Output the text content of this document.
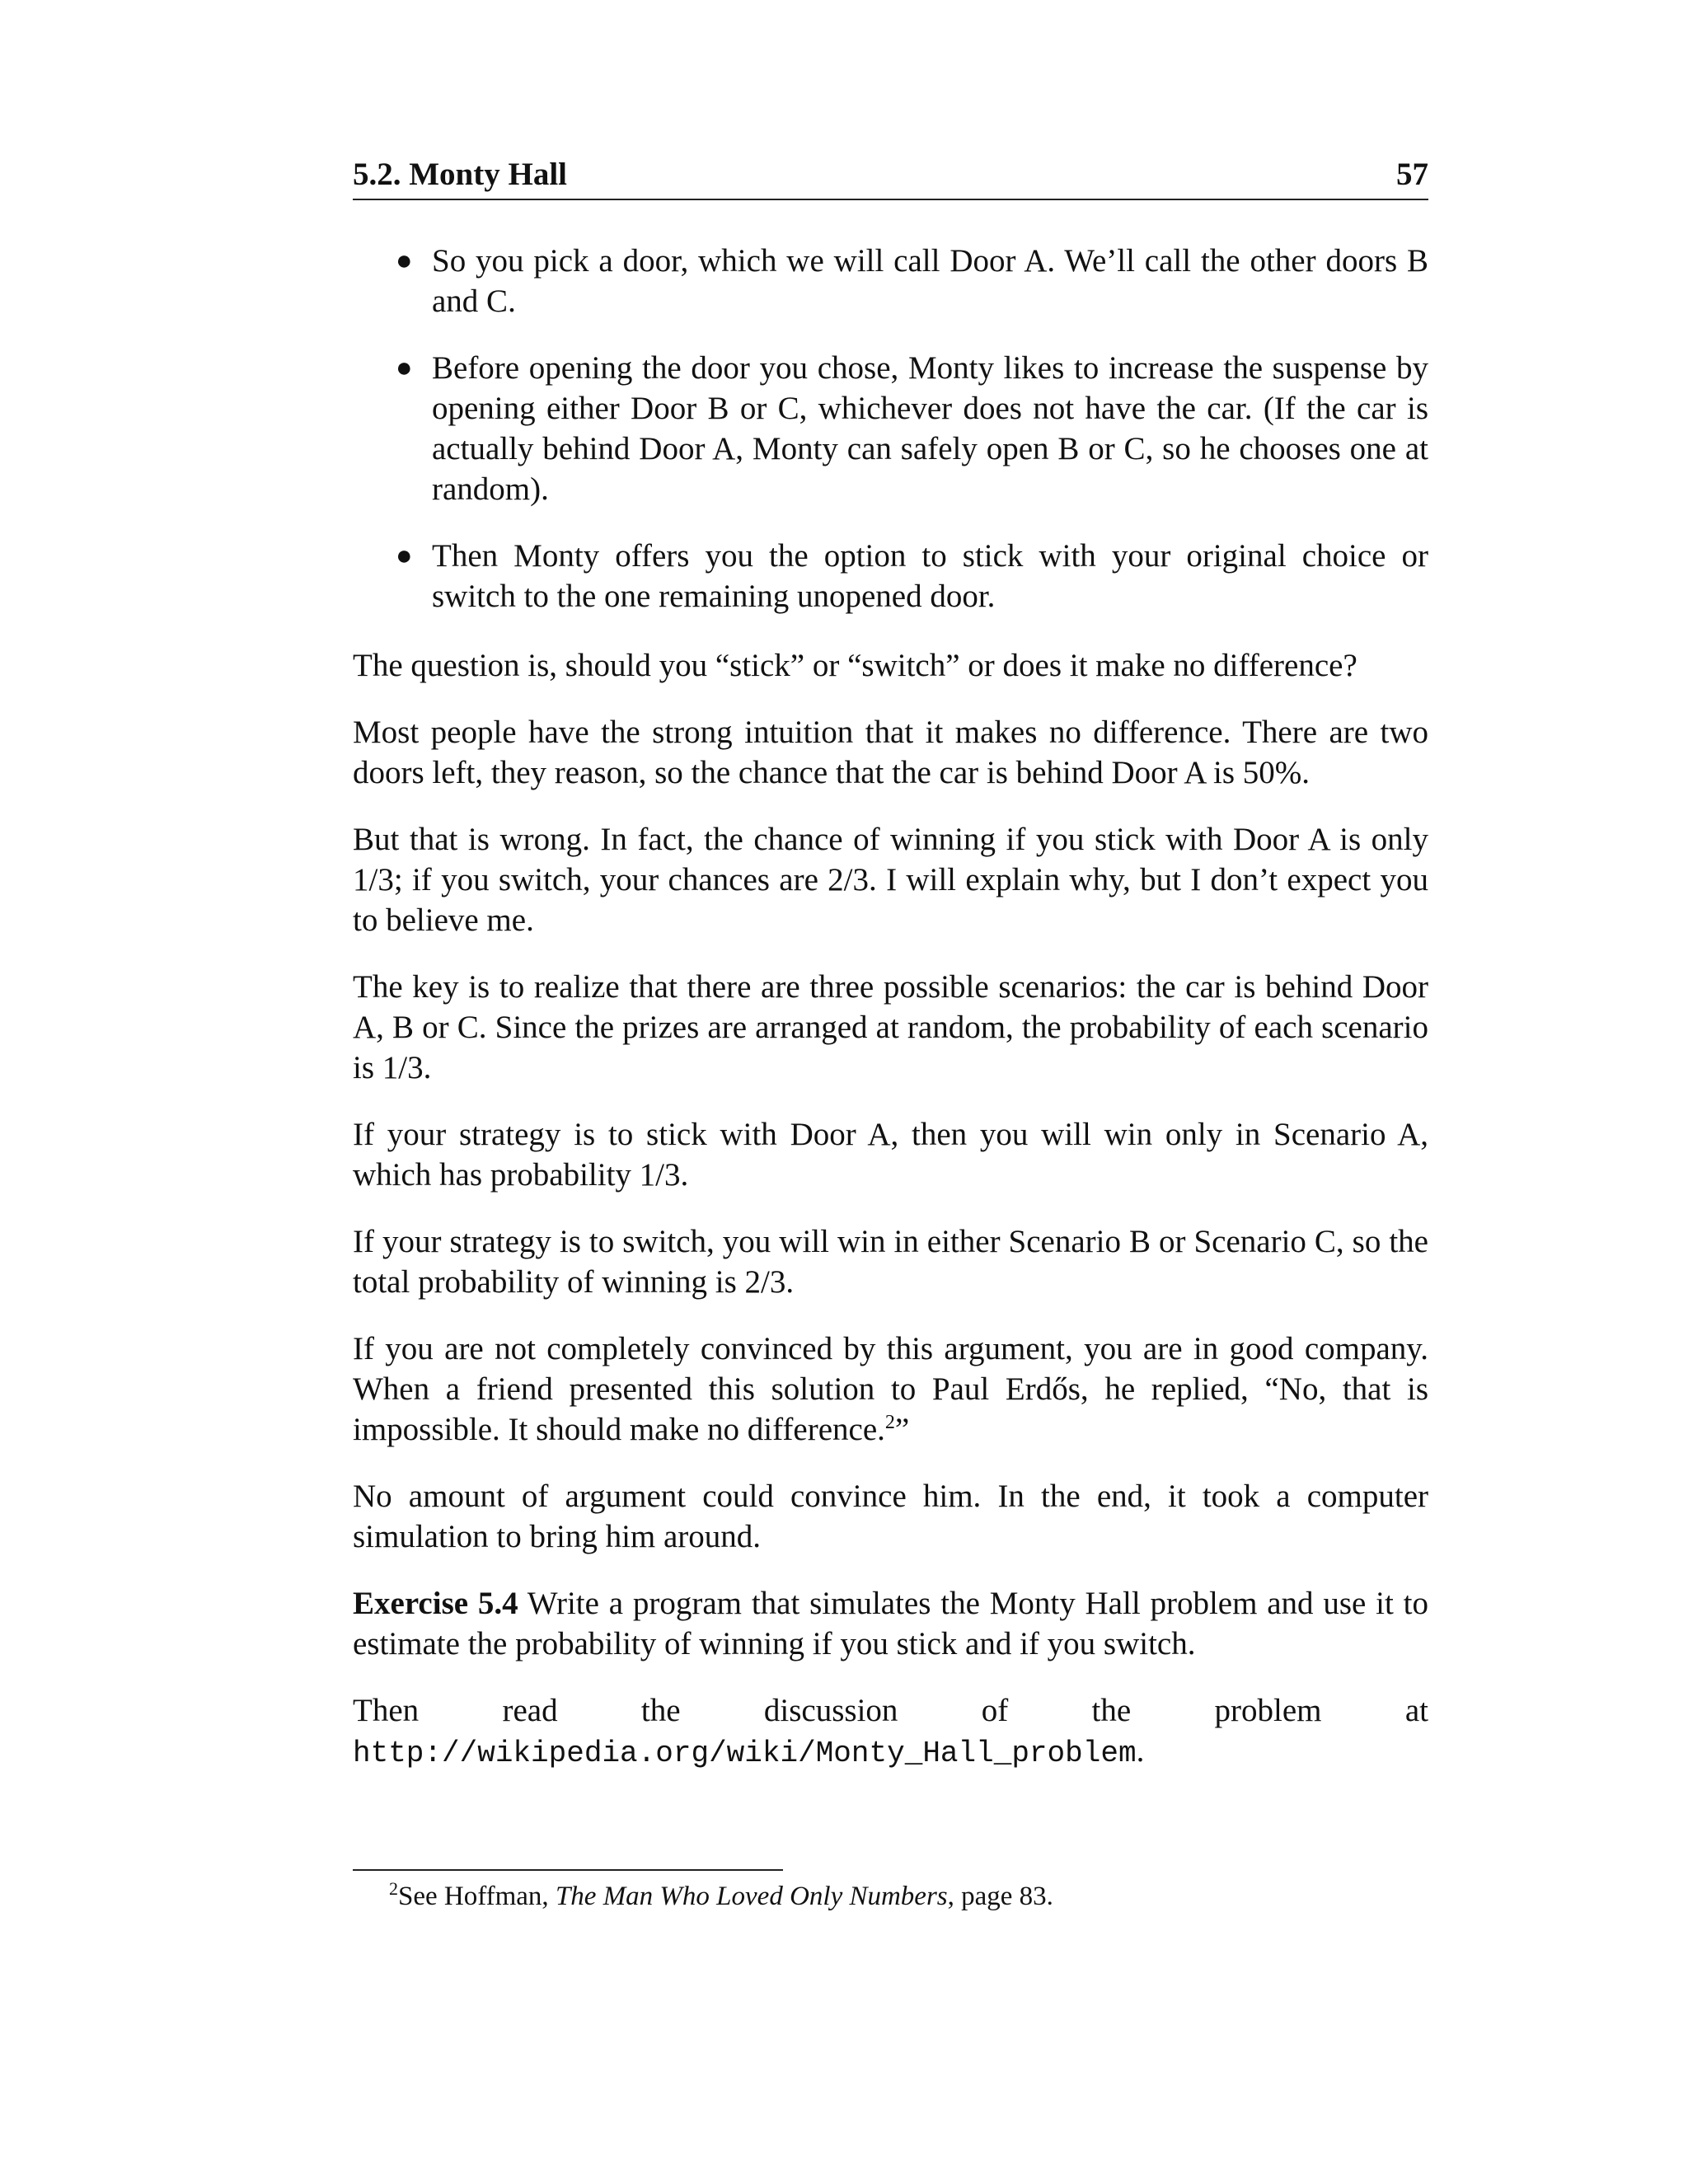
5.2. Monty Hall	57
● So you pick a door, which we will call Door A. We’ll call the other doors B and C.
● Before opening the door you chose, Monty likes to increase the suspense by opening either Door B or C, whichever does not have the car. (If the car is actually behind Door A, Monty can safely open B or C, so he chooses one at random).
● Then Monty offers you the option to stick with your original choice or switch to the one remaining unopened door.

The question is, should you “stick” or “switch” or does it make no difference?

Most people have the strong intuition that it makes no difference. There are two doors left, they reason, so the chance that the car is behind Door A is 50%.

But that is wrong. In fact, the chance of winning if you stick with Door A is only 1/3; if you switch, your chances are 2/3. I will explain why, but I don’t expect you to believe me.

The key is to realize that there are three possible scenarios: the car is behind Door A, B or C. Since the prizes are arranged at random, the probability of each scenario is 1/3.

If your strategy is to stick with Door A, then you will win only in Scenario A, which has probability 1/3.

If your strategy is to switch, you will win in either Scenario B or Scenario C, so the total probability of winning is 2/3.

If you are not completely convinced by this argument, you are in good company. When a friend presented this solution to Paul Erdős, he replied, “No, that is impossible. It should make no difference.$^2$”

No amount of argument could convince him. In the end, it took a computer simulation to bring him around.

Exercise 5.4 Write a program that simulates the Monty Hall problem and use it to estimate the probability of winning if you stick and if you switch.

Then read the discussion of the problem at http://wikipedia.org/wiki/Monty_Hall_problem.

$^2$See Hoffman, The Man Who Loved Only Numbers, page 83.
